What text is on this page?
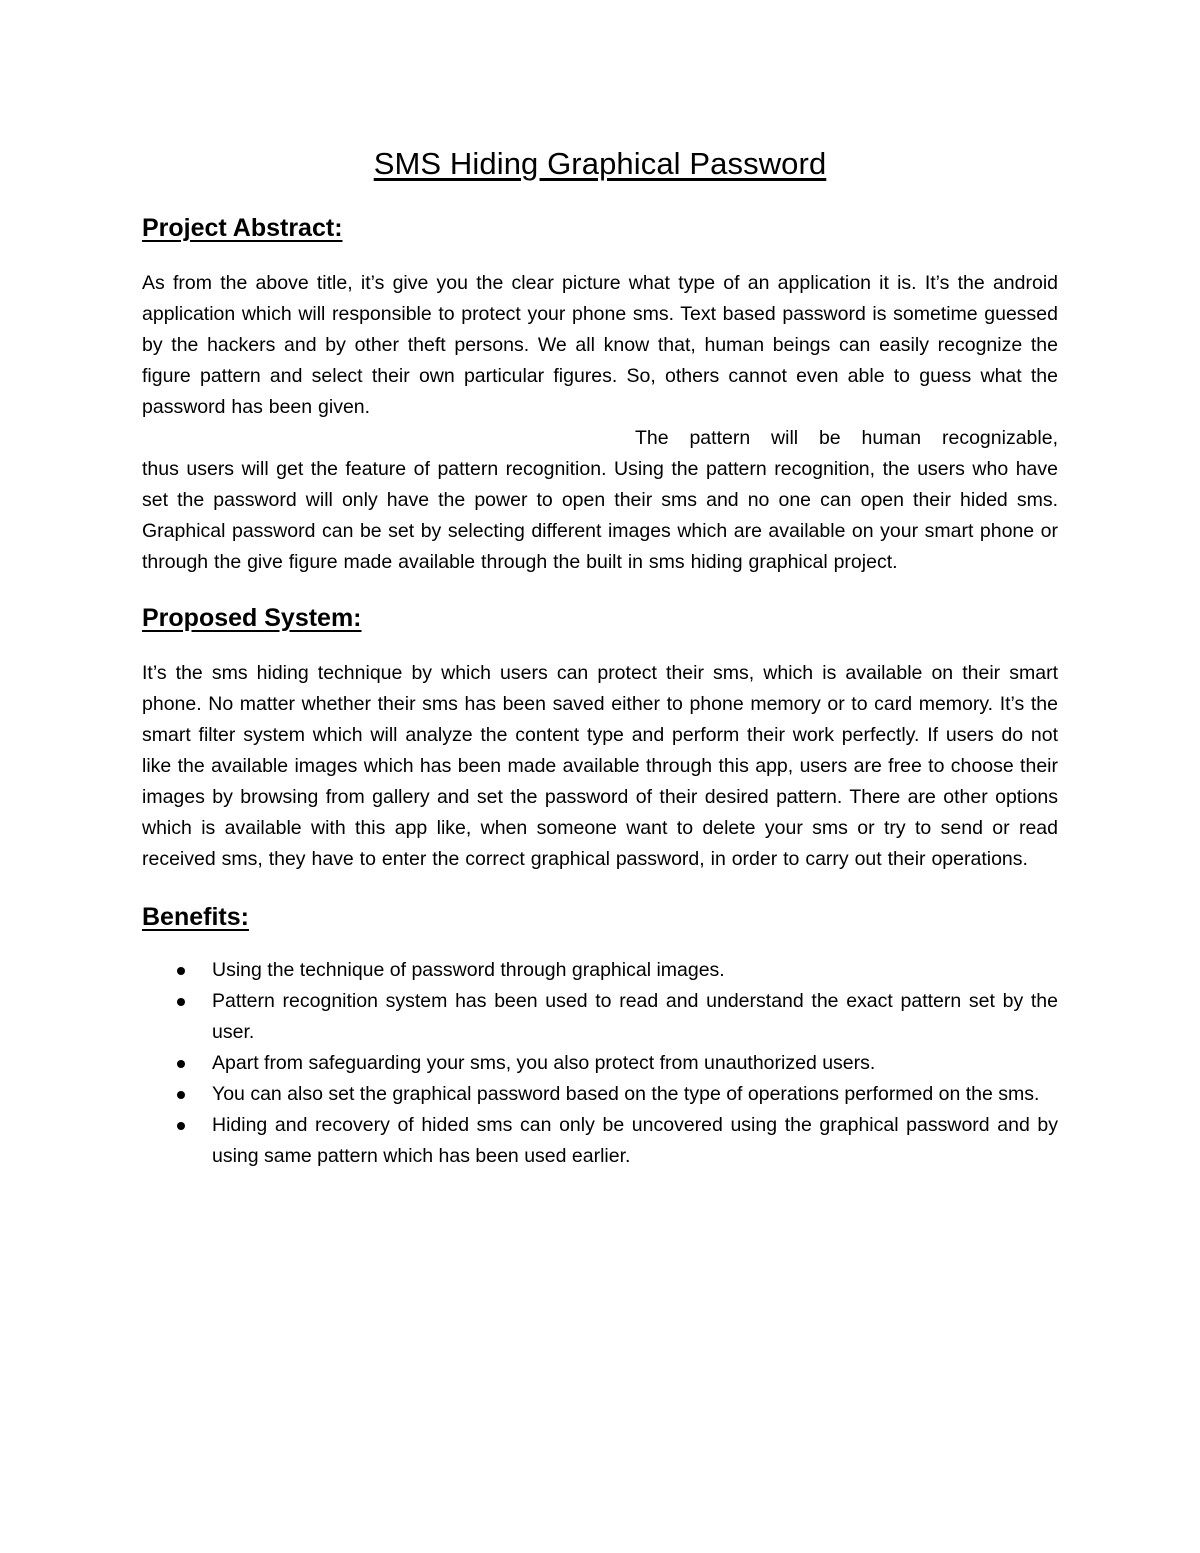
SMS Hiding Graphical Password
Project Abstract:

As from the above title, it’s give you the clear picture what type of an application it is. It’s the android application which will responsible to protect your phone sms. Text based password is sometime guessed by the hackers and by other theft persons. We all know that, human beings can easily recognize the figure pattern and select their own particular figures. So, others cannot even able to guess what the password has been given.

The pattern will be human recognizable,
thus users will get the feature of pattern recognition. Using the pattern recognition, the users who have set the password will only have the power to open their sms and no one can open their hided sms. Graphical password can be set by selecting different images which are available on your smart phone or through the give figure made available through the built in sms hiding graphical project.

Proposed System:

It’s the sms hiding technique by which users can protect their sms, which is available on their smart phone. No matter whether their sms has been saved either to phone memory or to card memory. It’s the smart filter system which will analyze the content type and perform their work perfectly. If users do not like the available images which has been made available through this app, users are free to choose their images by browsing from gallery and set the password of their desired pattern. There are other options which is available with this app like, when someone want to delete your sms or try to send or read received sms, they have to enter the correct graphical password, in order to carry out their operations.

Benefits:
Using the technique of password through graphical images.
Pattern recognition system has been used to read and understand the exact pattern set by the user.
Apart from safeguarding your sms, you also protect from unauthorized users.
You can also set the graphical password based on the type of operations performed on the sms.
Hiding and recovery of hided sms can only be uncovered using the graphical password and by using same pattern which has been used earlier.
